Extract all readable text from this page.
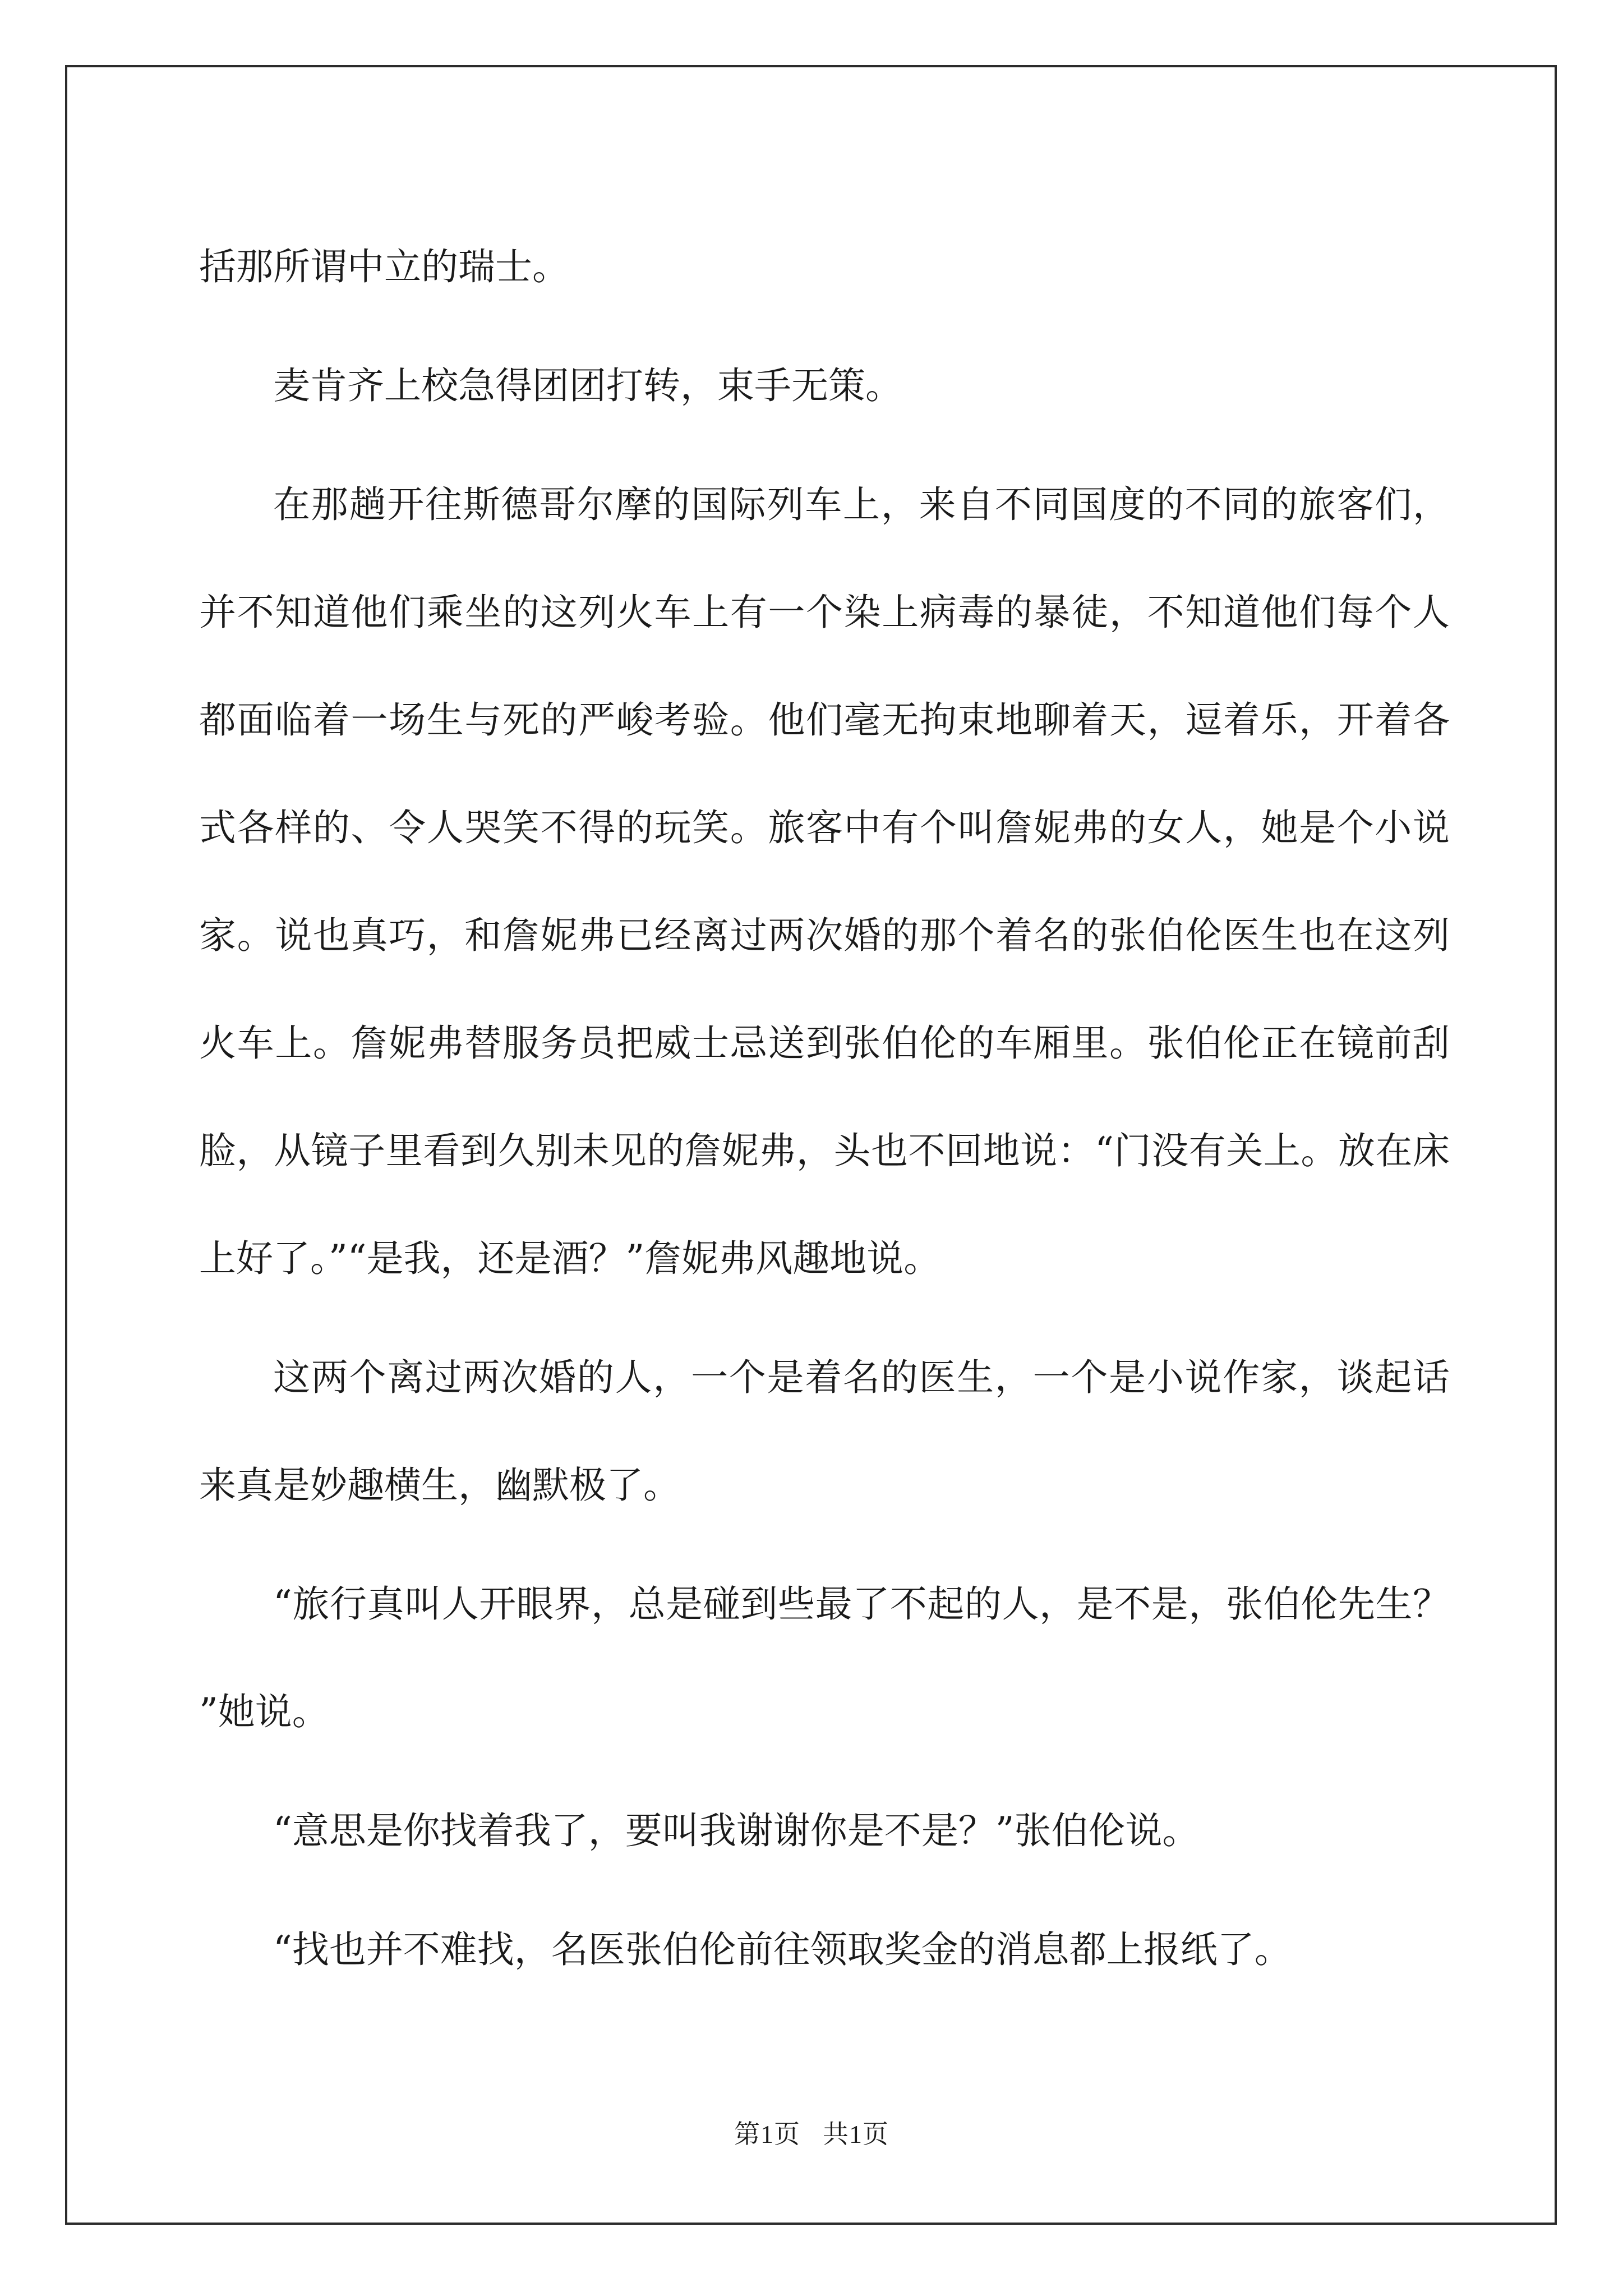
括那所谓中立的瑞士。

麦肯齐上校急得团团打转，束手无策。

在那趟开往斯德哥尔摩的国际列车上，来自不同国度的不同的旅客们，并不知道他们乘坐的这列火车上有一个染上病毒的暴徒，不知道他们每个人都面临着一场生与死的严峻考验。他们毫无拘束地聊着天，逗着乐，开着各式各样的、令人哭笑不得的玩笑。旅客中有个叫詹妮弗的女人，她是个小说家。说也真巧，和詹妮弗已经离过两次婚的那个着名的张伯伦医生也在这列火车上。詹妮弗替服务员把威士忌送到张伯伦的车厢里。张伯伦正在镜前刮脸，从镜子里看到久别未见的詹妮弗，头也不回地说：“门没有关上。放在床上好了。”“是我，还是酒？”詹妮弗风趣地说。

这两个离过两次婚的人，一个是着名的医生，一个是小说作家，谈起话来真是妙趣横生，幽默极了。

“旅行真叫人开眼界，总是碰到些最了不起的人，是不是，张伯伦先生？”她说。

“意思是你找着我了，要叫我谢谢你是不是？”张伯伦说。

“找也并不难找，名医张伯伦前往领取奖金的消息都上报纸了。

第1页 共1页
